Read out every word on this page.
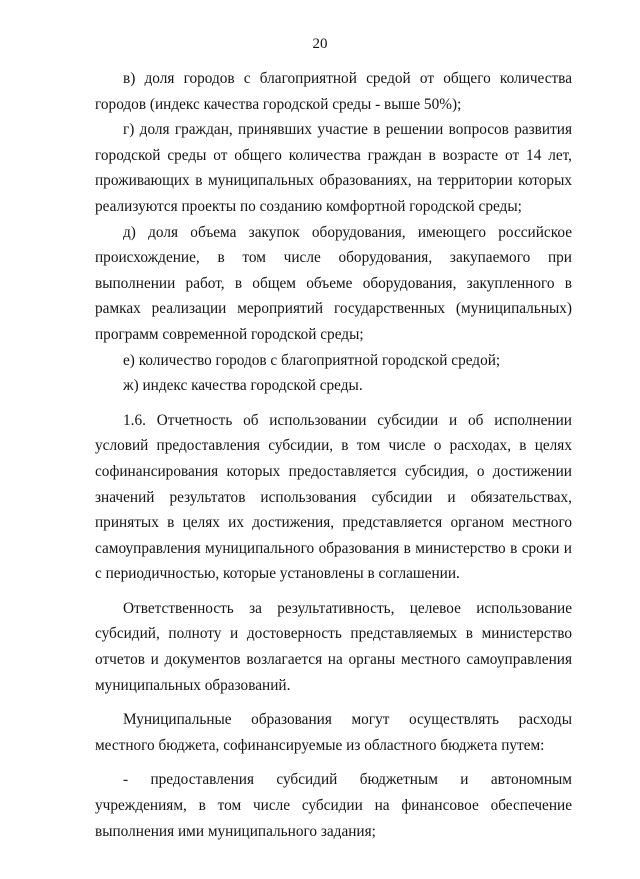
20

в) доля городов с благоприятной средой от общего количества городов (индекс качества городской среды - выше 50%);

г) доля граждан, принявших участие в решении вопросов развития городской среды от общего количества граждан в возрасте от 14 лет, проживающих в муниципальных образованиях, на территории которых реализуются проекты по созданию комфортной городской среды;

д) доля объема закупок оборудования, имеющего российское происхождение, в том числе оборудования, закупаемого при выполнении работ, в общем объеме оборудования, закупленного в рамках реализации мероприятий государственных (муниципальных) программ современной городской среды;

е) количество городов с благоприятной городской средой;

ж) индекс качества городской среды.

1.6. Отчетность об использовании субсидии и об исполнении условий предоставления субсидии, в том числе о расходах, в целях софинансирования которых предоставляется субсидия, о достижении значений результатов использования субсидии и обязательствах, принятых в целях их достижения, представляется органом местного самоуправления муниципального образования в министерство в сроки и с периодичностью, которые установлены в соглашении.

Ответственность за результативность, целевое использование субсидий, полноту и достоверность представляемых в министерство отчетов и документов возлагается на органы местного самоуправления муниципальных образований.

Муниципальные образования могут осуществлять расходы местного бюджета, софинансируемые из областного бюджета путем:

- предоставления субсидий бюджетным и автономным учреждениям, в том числе субсидии на финансовое обеспечение выполнения ими муниципального задания;
